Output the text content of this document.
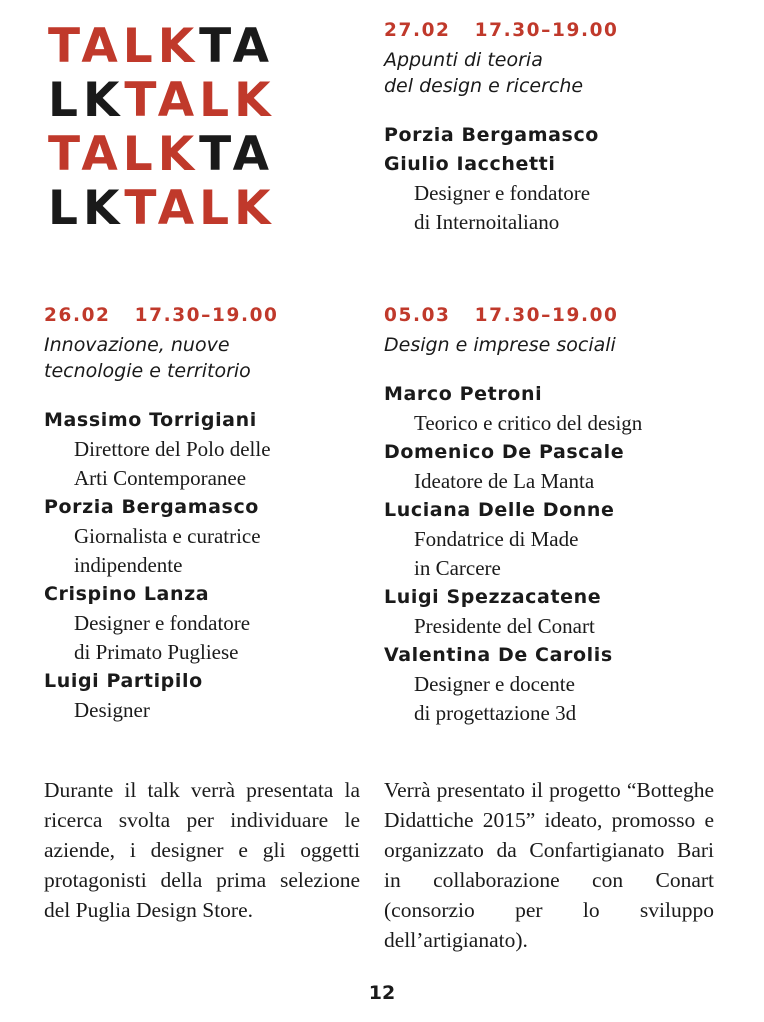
TALKTA
LKTALK
TALKTA
LKTALK
27.02   17.30–19.00
Appunti di teoria
del design e ricerche
Porzia Bergamasco
Giulio Iacchetti
Designer e fondatore
di Internoitaliano
26.02   17.30–19.00
Innovazione, nuove
tecnologie e territorio
Massimo Torrigiani
Direttore del Polo delle
Arti Contemporanee
Porzia Bergamasco
Giornalista e curatrice
indipendente
Crispino Lanza
Designer e fondatore
di Primato Pugliese
Luigi Partipilo
Designer
05.03   17.30–19.00
Design e imprese sociali
Marco Petroni
Teorico e critico del design
Domenico De Pascale
Ideatore de La Manta
Luciana Delle Donne
Fondatrice di Made
in Carcere
Luigi Spezzacatene
Presidente del Conart
Valentina De Carolis
Designer e docente
di progettazione 3d
Durante il talk verrà presentata la ricerca svolta per individuare le aziende, i designer e gli oggetti protagonisti della prima selezione del Puglia Design Store.
Verrà presentato il progetto “Botteghe Didattiche 2015” ideato, promosso e organizzato da Confartigianato Bari in collaborazione con Conart (consorzio per lo sviluppo dell’artigianato).
12
